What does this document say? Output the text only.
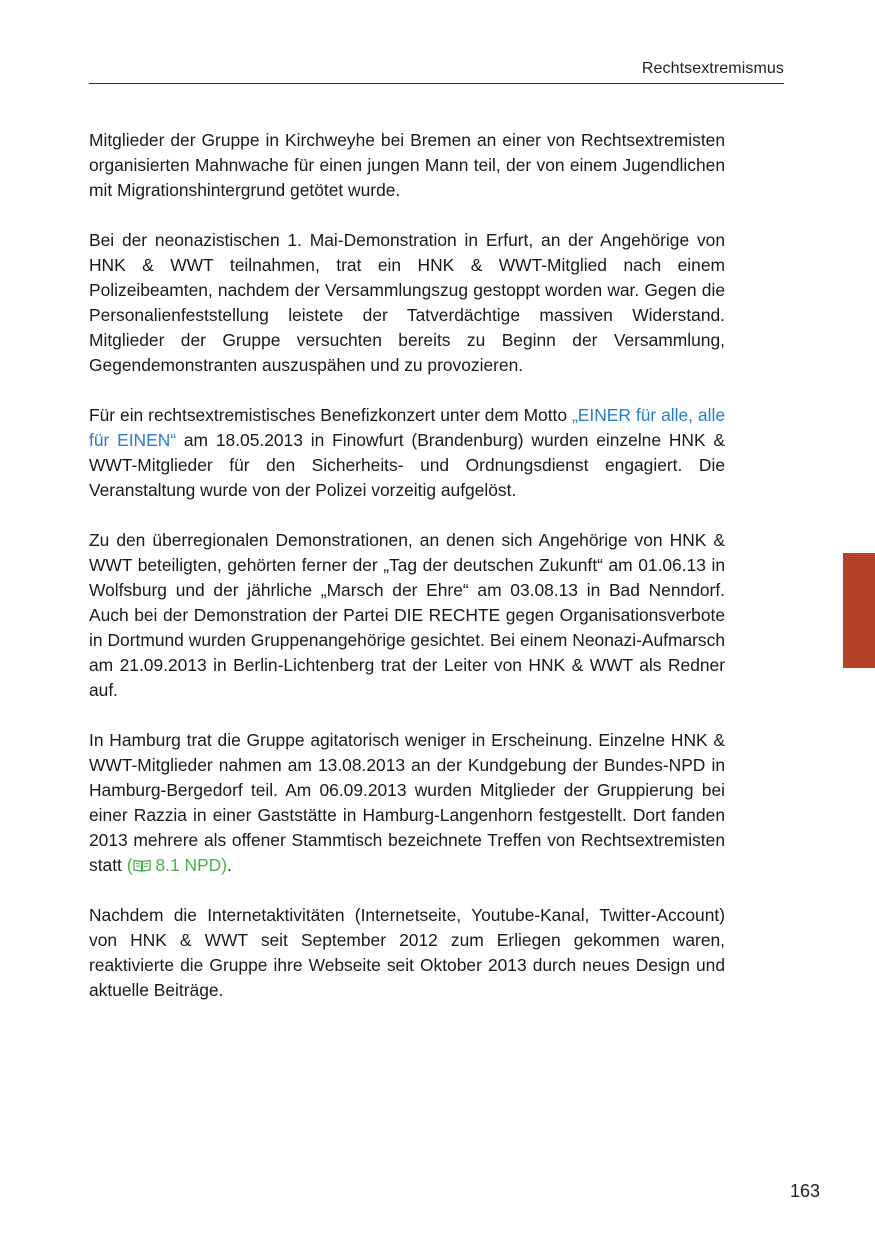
Rechtsextremismus

Mitglieder der Gruppe in Kirchweyhe bei Bremen an einer von Rechtsextremisten organisierten Mahnwache für einen jungen Mann teil, der von einem Jugendlichen mit Migrationshintergrund getötet wurde.

Bei der neonazistischen 1. Mai-Demonstration in Erfurt, an der Angehörige von HNK & WWT teilnahmen, trat ein HNK & WWT-Mitglied nach einem Polizeibeamten, nachdem der Versammlungszug gestoppt worden war. Gegen die Personalienfeststellung leistete der Tatverdächtige massiven Widerstand. Mitglieder der Gruppe versuchten bereits zu Beginn der Versammlung, Gegendemonstranten auszuspähen und zu provozieren.

Für ein rechtsextremistisches Benefizkonzert unter dem Motto „EINER für alle, alle für EINEN“ am 18.05.2013 in Finowfurt (Brandenburg) wurden einzelne HNK & WWT-Mitglieder für den Sicherheits- und Ordnungsdienst engagiert. Die Veranstaltung wurde von der Polizei vorzeitig aufgelöst.

Zu den überregionalen Demonstrationen, an denen sich Angehörige von HNK & WWT beteiligten, gehörten ferner der „Tag der deutschen Zukunft“ am 01.06.13 in Wolfsburg und der jährliche „Marsch der Ehre“ am 03.08.13 in Bad Nenndorf. Auch bei der Demonstration der Partei DIE RECHTE gegen Organisationsverbote in Dortmund wurden Gruppenangehörige gesichtet. Bei einem Neonazi-Aufmarsch am 21.09.2013 in Berlin-Lichtenberg trat der Leiter von HNK & WWT als Redner auf.

In Hamburg trat die Gruppe agitatorisch weniger in Erscheinung. Einzelne HNK & WWT-Mitglieder nahmen am 13.08.2013 an der Kundgebung der Bundes-NPD in Hamburg-Bergedorf teil. Am 06.09.2013 wurden Mitglieder der Gruppierung bei einer Razzia in einer Gaststätte in Hamburg-Langenhorn festgestellt. Dort fanden 2013 mehrere als offener Stammtisch bezeichnete Treffen von Rechtsextremisten statt ( 8.1 NPD).

Nachdem die Internetaktivitäten (Internetseite, Youtube-Kanal, Twitter-Account) von HNK & WWT seit September 2012 zum Erliegen gekommen waren, reaktivierte die Gruppe ihre Webseite seit Oktober 2013 durch neues Design und aktuelle Beiträge.

163
